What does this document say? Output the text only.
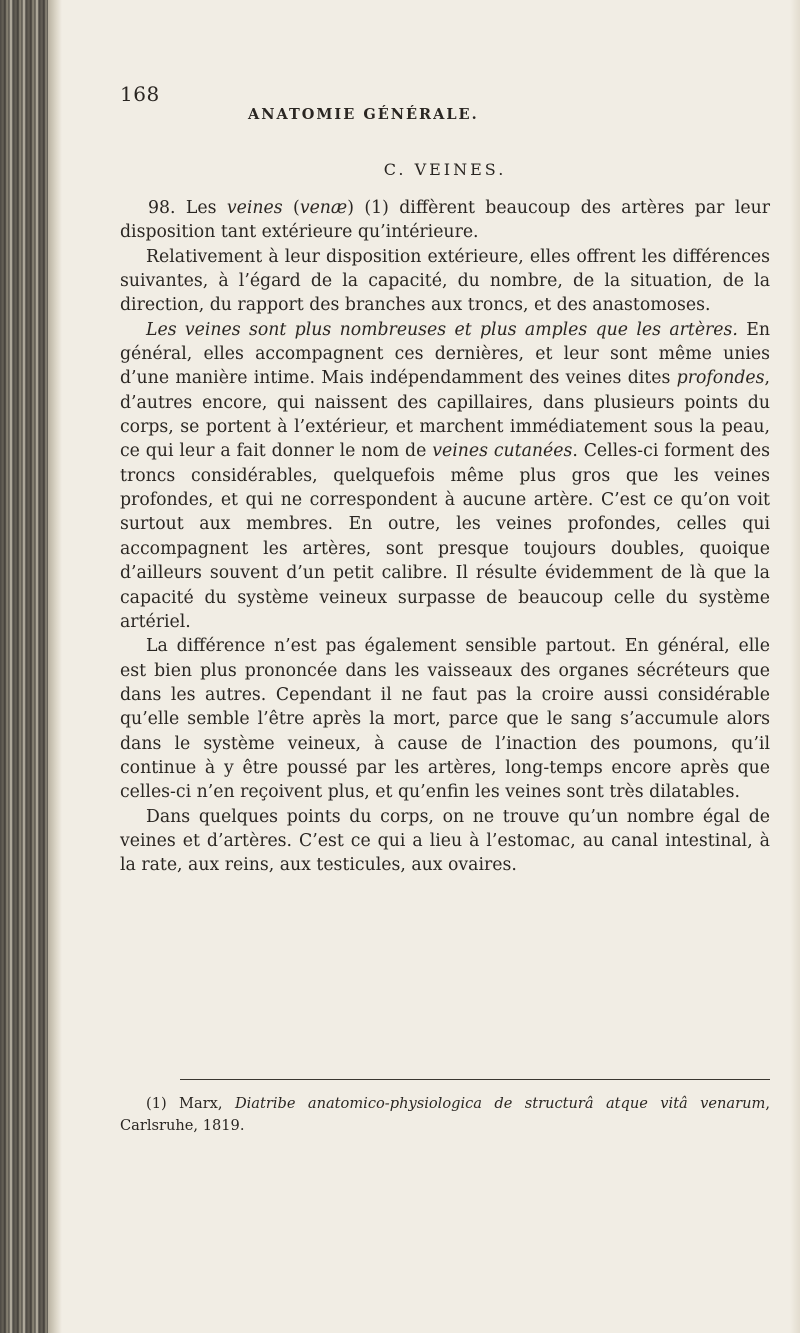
168
ANATOMIE GÉNÉRALE.
C. VEINES.

98. Les veines (venæ) (1) diffèrent beaucoup des artères par leur disposition tant extérieure qu’intérieure.

Relativement à leur disposition extérieure, elles offrent les différences suivantes, à l’égard de la capacité, du nombre, de la situation, de la direction, du rapport des branches aux troncs, et des anastomoses.

Les veines sont plus nombreuses et plus amples que les artères. En général, elles accompagnent ces dernières, et leur sont même unies d’une manière intime. Mais indépendamment des veines dites profondes, d’autres encore, qui naissent des capillaires, dans plusieurs points du corps, se portent à l’extérieur, et marchent immédiatement sous la peau, ce qui leur a fait donner le nom de veines cutanées. Celles-ci forment des troncs considérables, quelquefois même plus gros que les veines profondes, et qui ne correspondent à aucune artère. C’est ce qu’on voit surtout aux membres. En outre, les veines profondes, celles qui accompagnent les artères, sont presque toujours doubles, quoique d’ailleurs souvent d’un petit calibre. Il résulte évidemment de là que la capacité du système veineux surpasse de beaucoup celle du système artériel.

La différence n’est pas également sensible partout. En général, elle est bien plus prononcée dans les vaisseaux des organes sécréteurs que dans les autres. Cependant il ne faut pas la croire aussi considérable qu’elle semble l’être après la mort, parce que le sang s’accumule alors dans le système veineux, à cause de l’inaction des poumons, qu’il continue à y être poussé par les artères, long-temps encore après que celles-ci n’en reçoivent plus, et qu’enfin les veines sont très dilatables.

Dans quelques points du corps, on ne trouve qu’un nombre égal de veines et d’artères. C’est ce qui a lieu à l’estomac, au canal intestinal, à la rate, aux reins, aux testicules, aux ovaires.

(1) Marx, Diatribe anatomico-physiologica de structurâ atque vitâ venarum, Carlsruhe, 1819.
